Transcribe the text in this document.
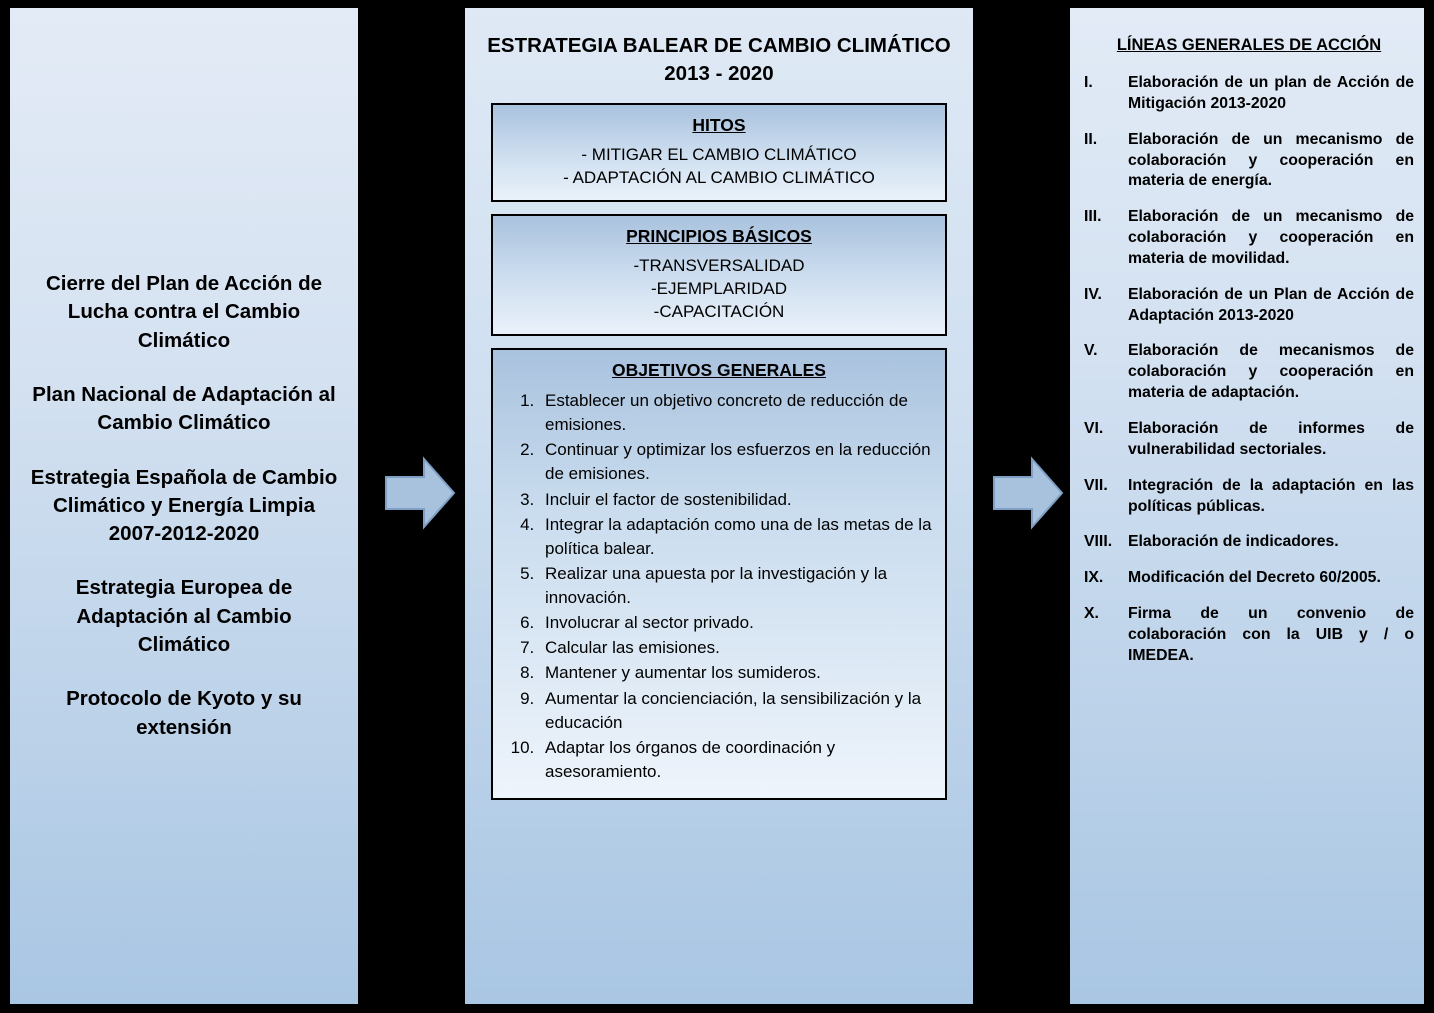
Cierre del Plan de Acción de Lucha contra el Cambio Climático

Plan Nacional de Adaptación al Cambio Climático

Estrategia Española de Cambio Climático y Energía Limpia 2007-2012-2020

Estrategia Europea de Adaptación al Cambio Climático

Protocolo de Kyoto y su extensión

ESTRATEGIA BALEAR DE CAMBIO CLIMÁTICO 2013 - 2020
HITOS
- MITIGAR EL CAMBIO CLIMÁTICO
- ADAPTACIÓN AL CAMBIO CLIMÁTICO
PRINCIPIOS BÁSICOS
-TRANSVERSALIDAD
-EJEMPLARIDAD
-CAPACITACIÓN
OBJETIVOS GENERALES
1. Establecer un objetivo concreto de reducción de emisiones.
2. Continuar y optimizar los esfuerzos en la reducción de emisiones.
3. Incluir el factor de sostenibilidad.
4. Integrar la adaptación como una de las metas de la política balear.
5. Realizar una apuesta por la investigación y la innovación.
6. Involucrar al sector privado.
7. Calcular las emisiones.
8. Mantener y aumentar los sumideros.
9. Aumentar la concienciación, la sensibilización y la educación
10. Adaptar los órganos de coordinación y asesoramiento.
LÍNEAS GENERALES DE ACCIÓN
I.	Elaboración de un plan de Acción de Mitigación 2013-2020
II.	Elaboración de un mecanismo de colaboración y cooperación en materia de energía.
III.	Elaboración de un mecanismo de colaboración y cooperación en materia de movilidad.
IV.	Elaboración de un Plan de Acción de Adaptación 2013-2020
V.	Elaboración de mecanismos de colaboración y cooperación en materia de adaptación.
VI.	Elaboración de informes de vulnerabilidad sectoriales.
VII.	Integración de la adaptación en las políticas públicas.
VIII.	Elaboración de indicadores.
IX.	Modificación del Decreto 60/2005.
X.	Firma de un convenio de colaboración con la UIB y / o IMEDEA.
